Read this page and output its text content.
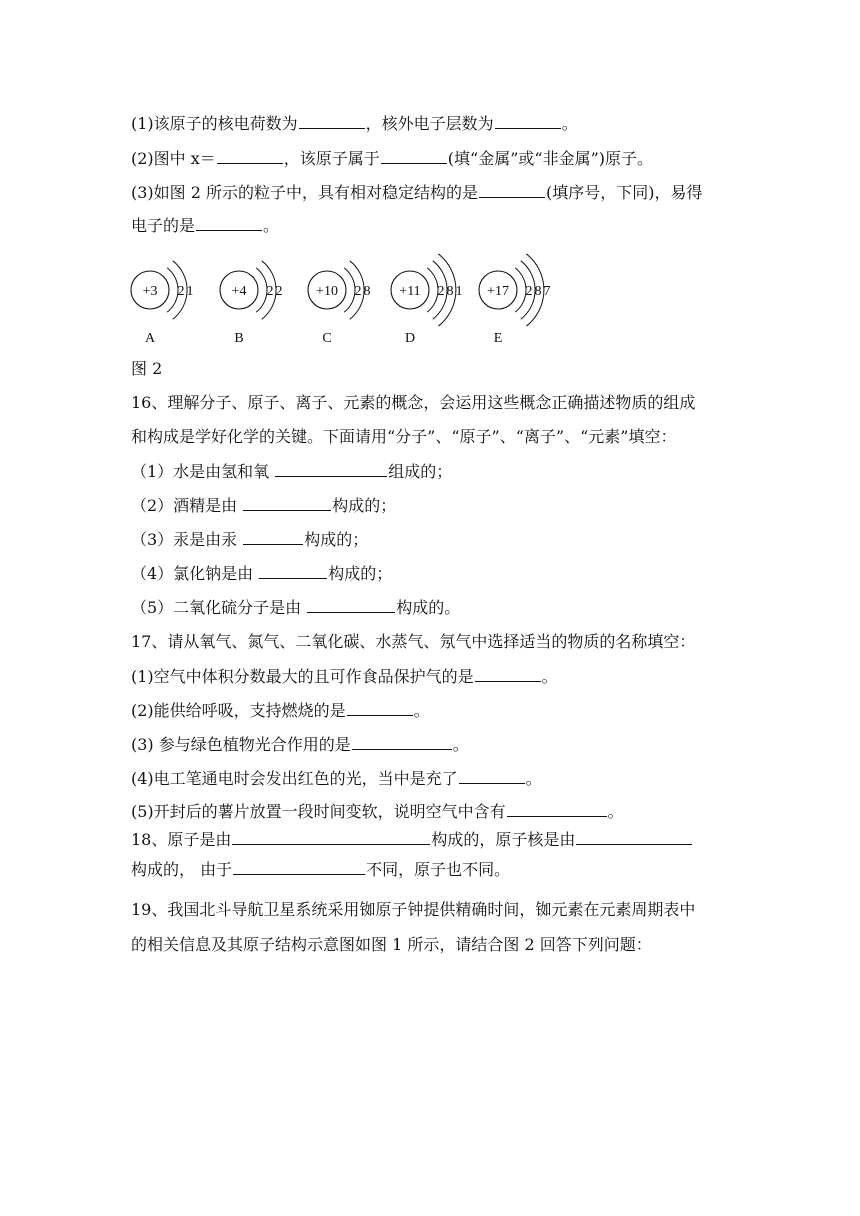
(1)该原子的核电荷数为	，核外电子层数为	。

(2)图中 x＝	，该原子属于	(填“金属”或“非金属”)原子。

(3)如图 2 所示的粒子中，具有相对稳定结构的是	(填序号，下同)，易得

电子的是	。

+3 2 1
A
+4 2 2
B
+10 2 8
C
+11 2 8 1
D
+17 2 8 7
E

图 2

16、理解分子、原子、离子、元素的概念，会运用这些概念正确描述物质的组成

和构成是学好化学的关键。下面请用“分子”、“原子”、“离子”、“元素”填空：

（1）水是由氢和氧	组成的；

（2）酒精是由	构成的；

（3）汞是由汞	构成的；

（4）氯化钠是由	构成的；

（5）二氧化硫分子是由	构成的。

17、请从氧气、氮气、二氧化碳、水蒸气、氖气中选择适当的物质的名称填空：

(1)空气中体积分数最大的且可作食品保护气的是	。

(2)能供给呼吸，支持燃烧的是	。

(3) 参与绿色植物光合作用的是	。

(4)电工笔通电时会发出红色的光，当中是充了	。

(5)开封后的薯片放置一段时间变软，说明空气中含有	。

18、原子是由	构成的，原子核是由

构成的， 由于	不同，原子也不同。

19、我国北斗导航卫星系统采用铷原子钟提供精确时间，铷元素在元素周期表中

的相关信息及其原子结构示意图如图 1 所示，请结合图 2 回答下列问题：
